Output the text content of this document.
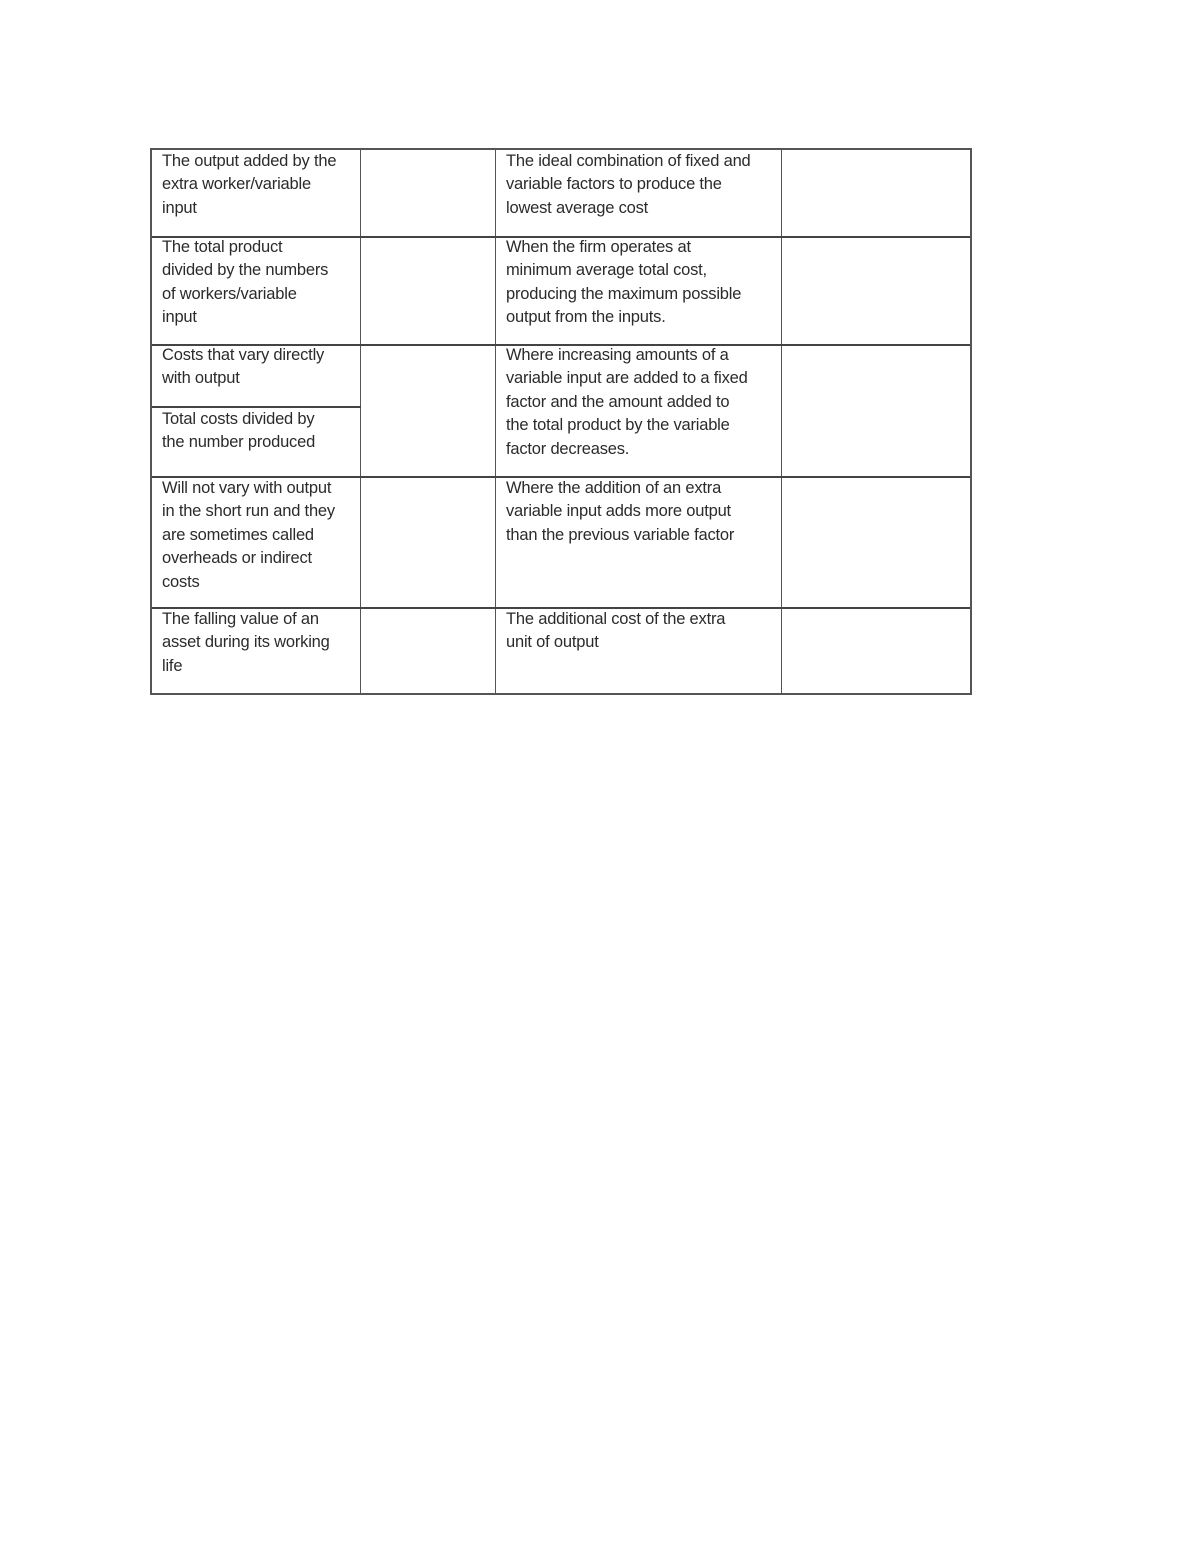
The output added by the
extra worker/variable
input
The total product
divided by the numbers
of workers/variable
input
Costs that vary directly
with output
Total costs divided by
the number produced
Will not vary with output
in the short run and they
are sometimes called
overheads or indirect
costs
The falling value of an
asset during its working
life
The ideal combination of fixed and
variable factors to produce the
lowest average cost
When the firm operates at
minimum average total cost,
producing the maximum possible
output from the inputs.
Where increasing amounts of a
variable input are added to a fixed
factor and the amount added to
the total product by the variable
factor decreases.
Where the addition of an extra
variable input adds more output
than the previous variable factor
The additional cost of the extra
unit of output
